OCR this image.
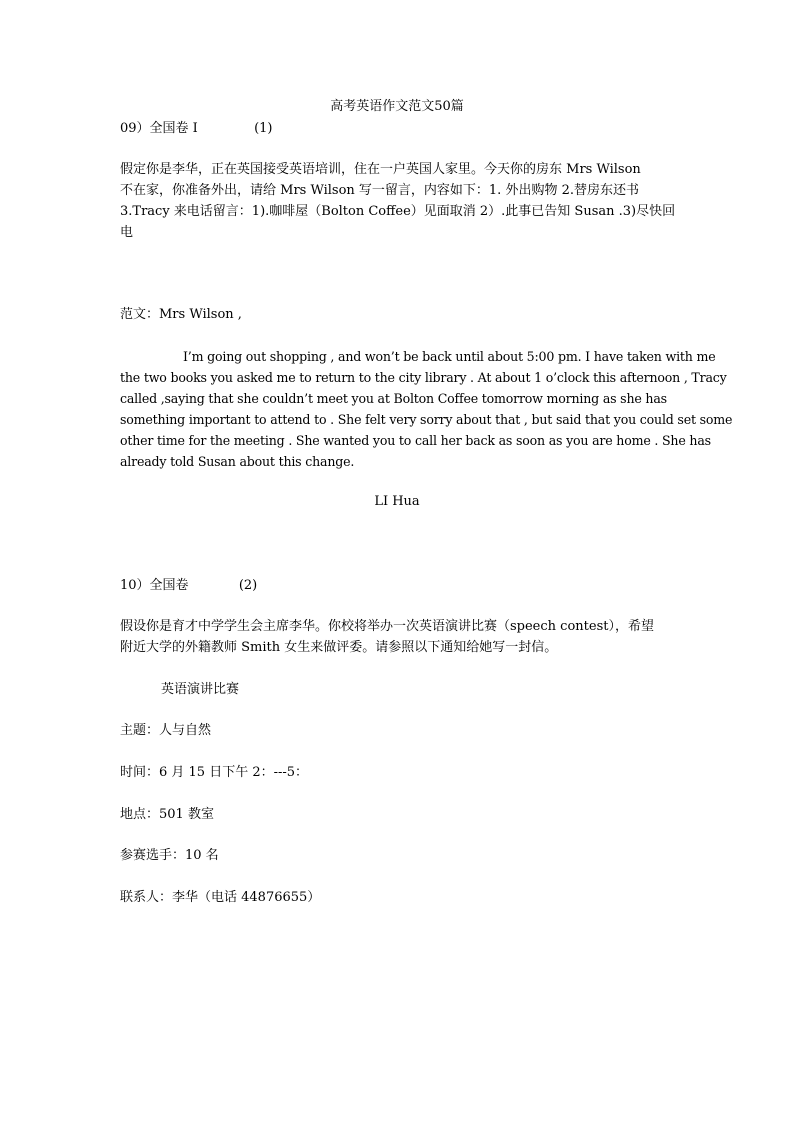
高考英语作文范文50篇
09）全国卷 I	(1)
假定你是李华，正在英国接受英语培训，住在一户英国人家里。今天你的房东 Mrs Wilson
不在家，你准备外出，请给 Mrs Wilson 写一留言，内容如下：1. 外出购物 2.替房东还书
3.Tracy 来电话留言：1).咖啡屋（Bolton Coffee）见面取消 2）.此事已告知 Susan .3)尽快回
电
范文：Mrs Wilson ,
I’m going out shopping , and won’t be back until about 5:00 pm. I have taken with me
the two books you asked me to return to the city library . At about 1 o’clock this afternoon , Tracy
called ,saying that she couldn’t meet you at Bolton Coffee tomorrow morning as she has
something important to attend to . She felt very sorry about that , but said that you could set some
other time for the meeting . She wanted you to call her back as soon as you are home . She has
already told Susan about this change.
LI Hua
10）全国卷	(2)
假设你是育才中学学生会主席李华。你校将举办一次英语演讲比赛（speech contest），希望
附近大学的外籍教师 Smith 女生来做评委。请参照以下通知给她写一封信。
英语演讲比赛
主题：人与自然
时间：6 月 15 日下午 2：---5：
地点：501 教室
参赛选手：10 名
联系人：李华（电话 44876655）
